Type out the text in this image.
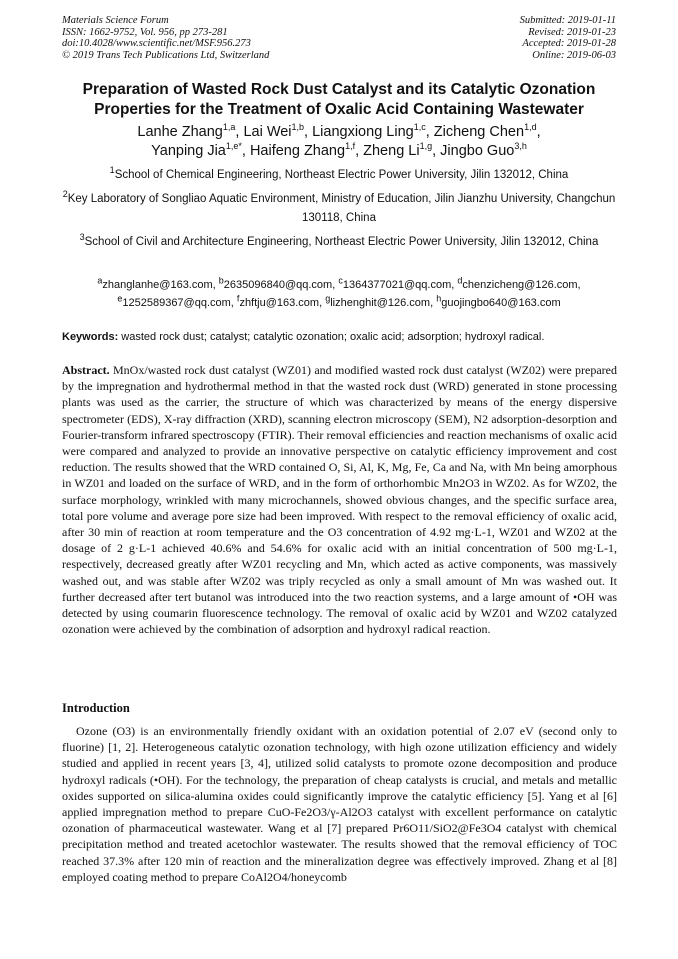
Materials Science Forum
ISSN: 1662-9752, Vol. 956, pp 273-281
doi:10.4028/www.scientific.net/MSF.956.273
© 2019 Trans Tech Publications Ltd, Switzerland
Submitted: 2019-01-11
Revised: 2019-01-23
Accepted: 2019-01-28
Online: 2019-06-03
Preparation of Wasted Rock Dust Catalyst and its Catalytic Ozonation Properties for the Treatment of Oxalic Acid Containing Wastewater
Lanhe Zhang$^{1,a}$, Lai Wei$^{1,b}$, Liangxiong Ling$^{1,c}$, Zicheng Chen$^{1,d}$,
Yanping Jia$^{1,e*}$, Haifeng Zhang$^{1,f}$, Zheng Li$^{1,g}$, Jingbo Guo$^{3,h}$
$^1$School of Chemical Engineering, Northeast Electric Power University, Jilin 132012, China
$^2$Key Laboratory of Songliao Aquatic Environment, Ministry of Education, Jilin Jianzhu University, Changchun 130118, China
$^3$School of Civil and Architecture Engineering, Northeast Electric Power University, Jilin 132012, China
$^a$zhanglanhe@163.com, $^b$2635096840@qq.com, $^c$1364377021@qq.com, $^d$chenzicheng@126.com,
$^e$1252589367@qq.com, $^f$zhftju@163.com, $^g$lizhenghit@126.com, $^h$guojingbo640@163.com
Keywords: wasted rock dust; catalyst; catalytic ozonation; oxalic acid; adsorption; hydroxyl radical.
Abstract. MnOx/wasted rock dust catalyst (WZ01) and modified wasted rock dust catalyst (WZ02) were prepared by the impregnation and hydrothermal method in that the wasted rock dust (WRD) generated in stone processing plants was used as the carrier, the structure of which was characterized by means of the energy dispersive spectrometer (EDS), X-ray diffraction (XRD), scanning electron microscopy (SEM), N2 adsorption-desorption and Fourier-transform infrared spectroscopy (FTIR). Their removal efficiencies and reaction mechanisms of oxalic acid were compared and analyzed to provide an innovative perspective on catalytic efficiency improvement and cost reduction. The results showed that the WRD contained O, Si, Al, K, Mg, Fe, Ca and Na, with Mn being amorphous in WZ01 and loaded on the surface of WRD, and in the form of orthorhombic Mn2O3 in WZ02. As for WZ02, the surface morphology, wrinkled with many microchannels, showed obvious changes, and the specific surface area, total pore volume and average pore size had been improved. With respect to the removal efficiency of oxalic acid, after 30 min of reaction at room temperature and the O3 concentration of 4.92 mg·L-1, WZ01 and WZ02 at the dosage of 2 g·L-1 achieved 40.6% and 54.6% for oxalic acid with an initial concentration of 500 mg·L-1, respectively, decreased greatly after WZ01 recycling and Mn, which acted as active components, was massively washed out, and was stable after WZ02 was triply recycled as only a small amount of Mn was washed out. It further decreased after tert butanol was introduced into the two reaction systems, and a large amount of •OH was detected by using coumarin fluorescence technology. The removal of oxalic acid by WZ01 and WZ02 catalyzed ozonation were achieved by the combination of adsorption and hydroxyl radical reaction.
Introduction
Ozone (O3) is an environmentally friendly oxidant with an oxidation potential of 2.07 eV (second only to fluorine) [1, 2]. Heterogeneous catalytic ozonation technology, with high ozone utilization efficiency and widely studied and applied in recent years [3, 4], utilized solid catalysts to promote ozone decomposition and produce hydroxyl radicals (•OH). For the technology, the preparation of cheap catalysts is crucial, and metals and metallic oxides supported on silica-alumina oxides could significantly improve the catalytic efficiency [5]. Yang et al [6] applied impregnation method to prepare CuO-Fe2O3/γ-Al2O3 catalyst with excellent performance on catalytic ozonation of pharmaceutical wastewater. Wang et al [7] prepared Pr6O11/SiO2@Fe3O4 catalyst with chemical precipitation method and treated acetochlor wastewater. The results showed that the removal efficiency of TOC reached 37.3% after 120 min of reaction and the mineralization degree was effectively improved. Zhang et al [8] employed coating method to prepare CoAl2O4/honeycomb
